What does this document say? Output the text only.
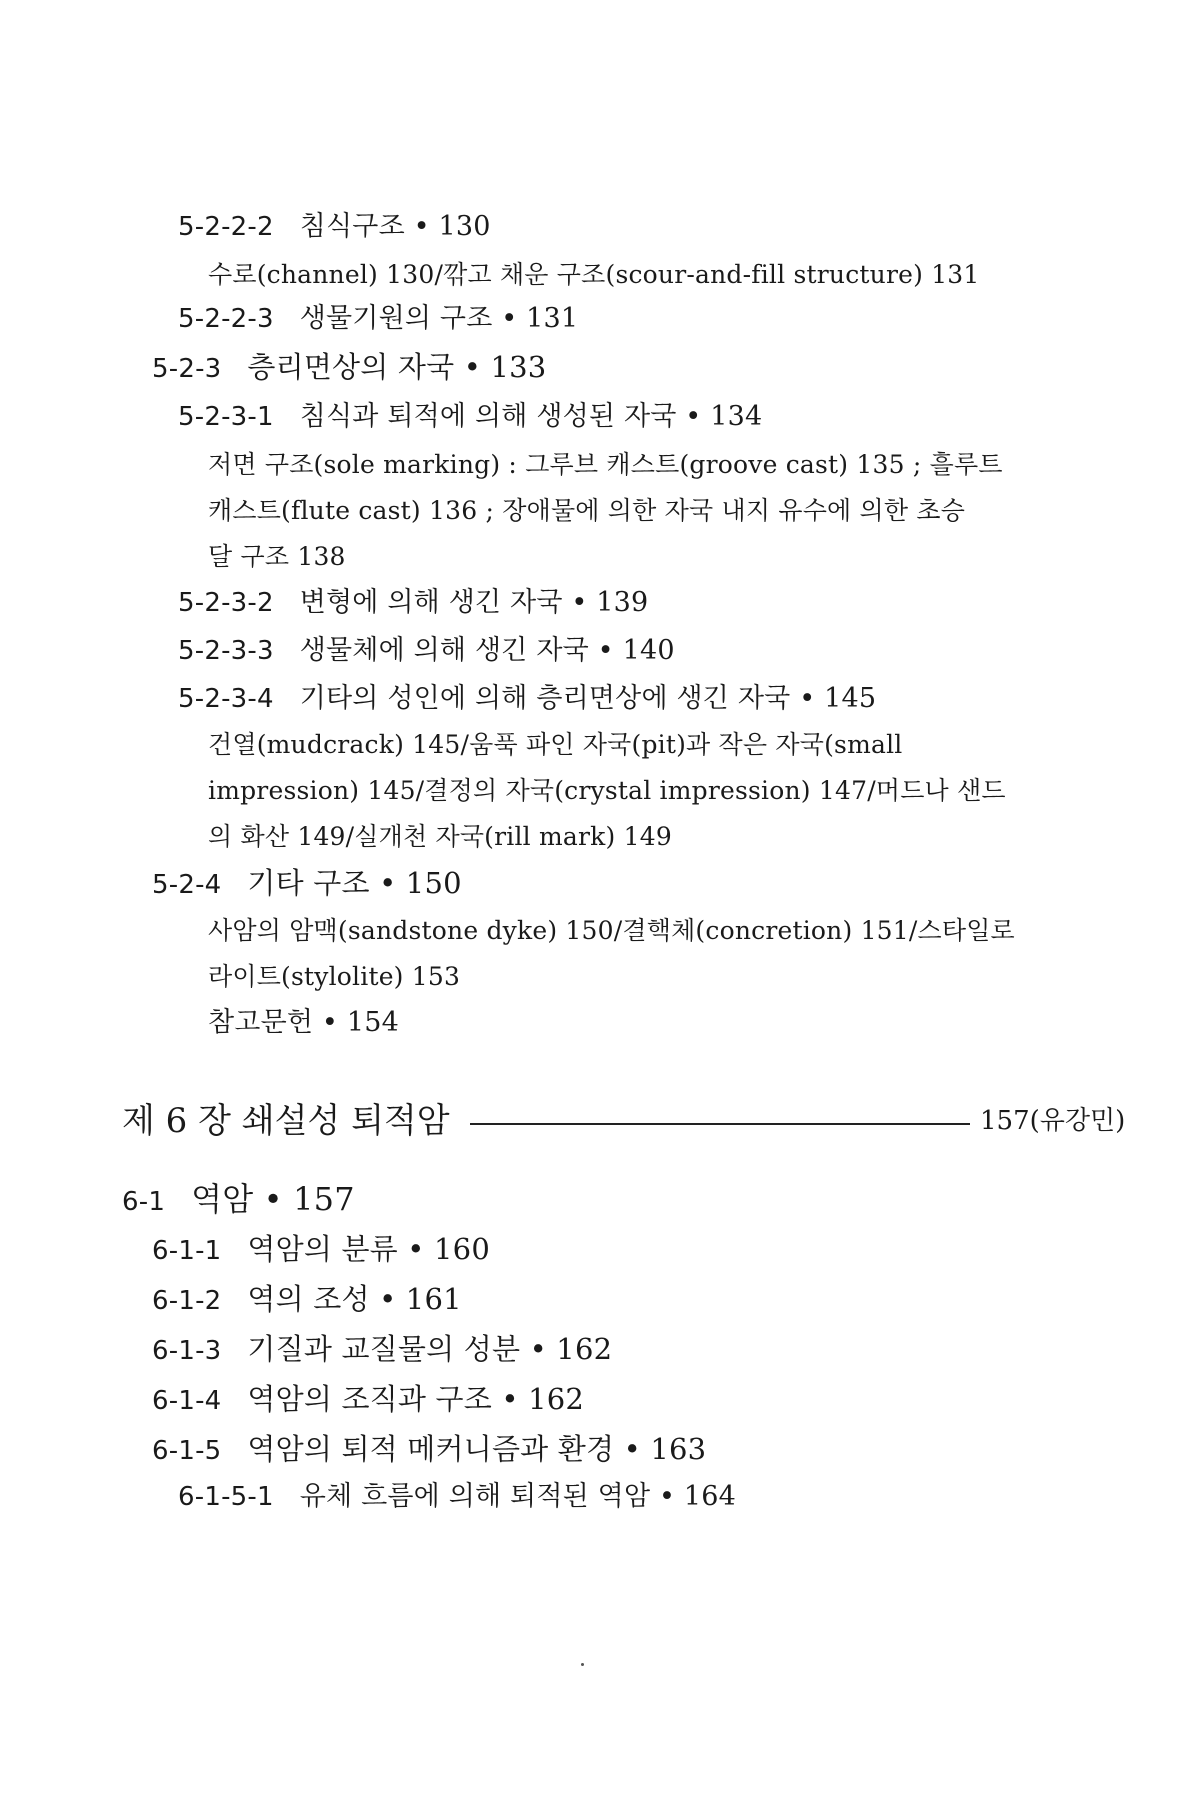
5-2-2-2 침식구조 • 130
수로(channel) 130/깎고 채운 구조(scour-and-fill structure) 131
5-2-2-3 생물기원의 구조 • 131
5-2-3 층리면상의 자국 • 133
5-2-3-1 침식과 퇴적에 의해 생성된 자국 • 134
저면 구조(sole marking) : 그루브 캐스트(groove cast) 135 ; 흘루트
캐스트(flute cast) 136 ; 장애물에 의한 자국 내지 유수에 의한 초승
달 구조 138
5-2-3-2 변형에 의해 생긴 자국 • 139
5-2-3-3 생물체에 의해 생긴 자국 • 140
5-2-3-4 기타의 성인에 의해 층리면상에 생긴 자국 • 145
건열(mudcrack) 145/움푹 파인 자국(pit)과 작은 자국(small
impression) 145/결정의 자국(crystal impression) 147/머드나 샌드
의 화산 149/실개천 자국(rill mark) 149
5-2-4 기타 구조 • 150
사암의 암맥(sandstone dyke) 150/결핵체(concretion) 151/스타일로
라이트(stylolite) 153
참고문헌 • 154
제 6 장 쇄설성 퇴적암	157(유강민)
6-1 역암 • 157
6-1-1 역암의 분류 • 160
6-1-2 역의 조성 • 161
6-1-3 기질과 교질물의 성분 • 162
6-1-4 역암의 조직과 구조 • 162
6-1-5 역암의 퇴적 메커니즘과 환경 • 163
6-1-5-1 유체 흐름에 의해 퇴적된 역암 • 164
